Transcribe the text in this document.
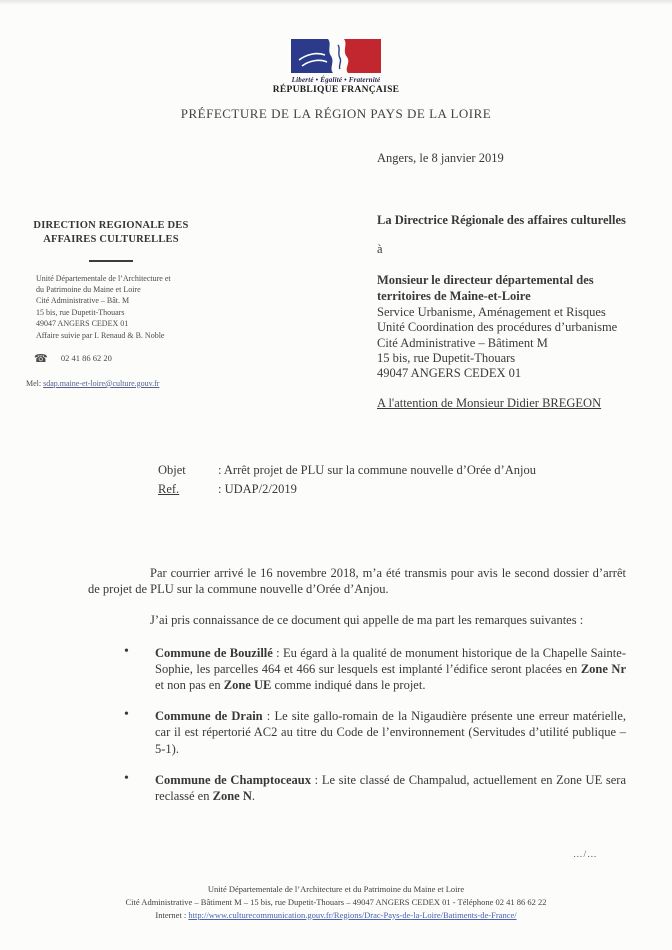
Liberté • Égalité • Fraternité
RÉPUBLIQUE FRANÇAISE
PRÉFECTURE DE LA RÉGION PAYS DE LA LOIRE
Angers, le 8 janvier 2019
DIRECTION REGIONALE DES AFFAIRES CULTURELLES
Unité Départementale de l’Architecture et
du Patrimoine du Maine et Loire
Cité Administrative – Bât. M
15 bis, rue Dupetit-Thouars
49047 ANGERS CEDEX 01
Affaire suivie par I. Renaud & B. Noble
☎ 02 41 86 62 20
Mel: sdap.maine-et-loire@culture.gouv.fr
La Directrice Régionale des affaires culturelles
à
Monsieur le directeur départemental des territoires de Maine-et-Loire
Service Urbanisme, Aménagement et Risques
Unité Coordination des procédures d’urbanisme
Cité Administrative – Bâtiment M
15 bis, rue Dupetit-Thouars
49047 ANGERS CEDEX 01
A l'attention de Monsieur Didier BREGEON
Objet	: Arrêt projet de PLU sur la commune nouvelle d’Orée d’Anjou
Ref.	: UDAP/2/2019

Par courrier arrivé le 16 novembre 2018, m’a été transmis pour avis le second dossier d’arrêt de projet de PLU sur la commune nouvelle d’Orée d’Anjou.

J’ai pris connaissance de ce document qui appelle de ma part les remarques suivantes :

• Commune de Bouzillé : Eu égard à la qualité de monument historique de la Chapelle Sainte-Sophie, les parcelles 464 et 466 sur lesquels est implanté l’édifice seront placées en Zone Nr et non pas en Zone UE comme indiqué dans le projet.
• Commune de Drain : Le site gallo-romain de la Nigaudière présente une erreur matérielle, car il est répertorié AC2 au titre du Code de l’environnement (Servitudes d’utilité publique – 5-1).
• Commune de Champtoceaux : Le site classé de Champalud, actuellement en Zone UE sera reclassé en Zone N.
…/…
Unité Départementale de l’Architecture et du Patrimoine du Maine et Loire
Cité Administrative – Bâtiment M – 15 bis, rue Dupetit-Thouars – 49047 ANGERS CEDEX 01 - Téléphone 02 41 86 62 22
Internet : http://www.culturecommunication.gouv.fr/Regions/Drac-Pays-de-la-Loire/Batiments-de-France/
